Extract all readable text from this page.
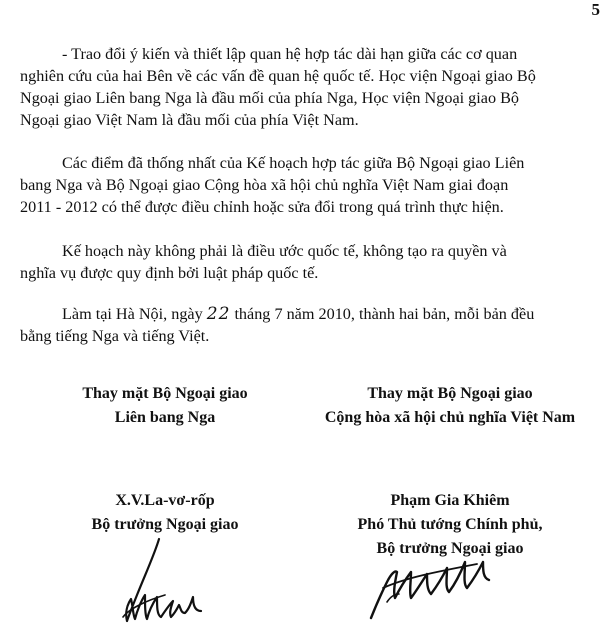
5

- Trao đổi ý kiến và thiết lập quan hệ hợp tác dài hạn giữa các cơ quan
nghiên cứu của hai Bên về các vấn đề quan hệ quốc tế. Học viện Ngoại giao Bộ
Ngoại giao Liên bang Nga là đầu mối của phía Nga, Học viện Ngoại giao Bộ
Ngoại giao Việt Nam là đầu mối của phía Việt Nam.

Các điểm đã thống nhất của Kế hoạch hợp tác giữa Bộ Ngoại giao Liên
bang Nga và Bộ Ngoại giao Cộng hòa xã hội chủ nghĩa Việt Nam giai đoạn
2011 - 2012 có thể được điều chỉnh hoặc sửa đổi trong quá trình thực hiện.

Kế hoạch này không phải là điều ước quốc tế, không tạo ra quyền và
nghĩa vụ được quy định bởi luật pháp quốc tế.

Làm tại Hà Nội, ngày 22 tháng 7 năm 2010, thành hai bản, mỗi bản đều
bằng tiếng Nga và tiếng Việt.

Thay mặt Bộ Ngoại giao
Liên bang Nga
Thay mặt Bộ Ngoại giao
Cộng hòa xã hội chủ nghĩa Việt Nam
X.V.La-vơ-rốp
Bộ trưởng Ngoại giao
Phạm Gia Khiêm
Phó Thủ tướng Chính phủ,
Bộ trưởng Ngoại giao
